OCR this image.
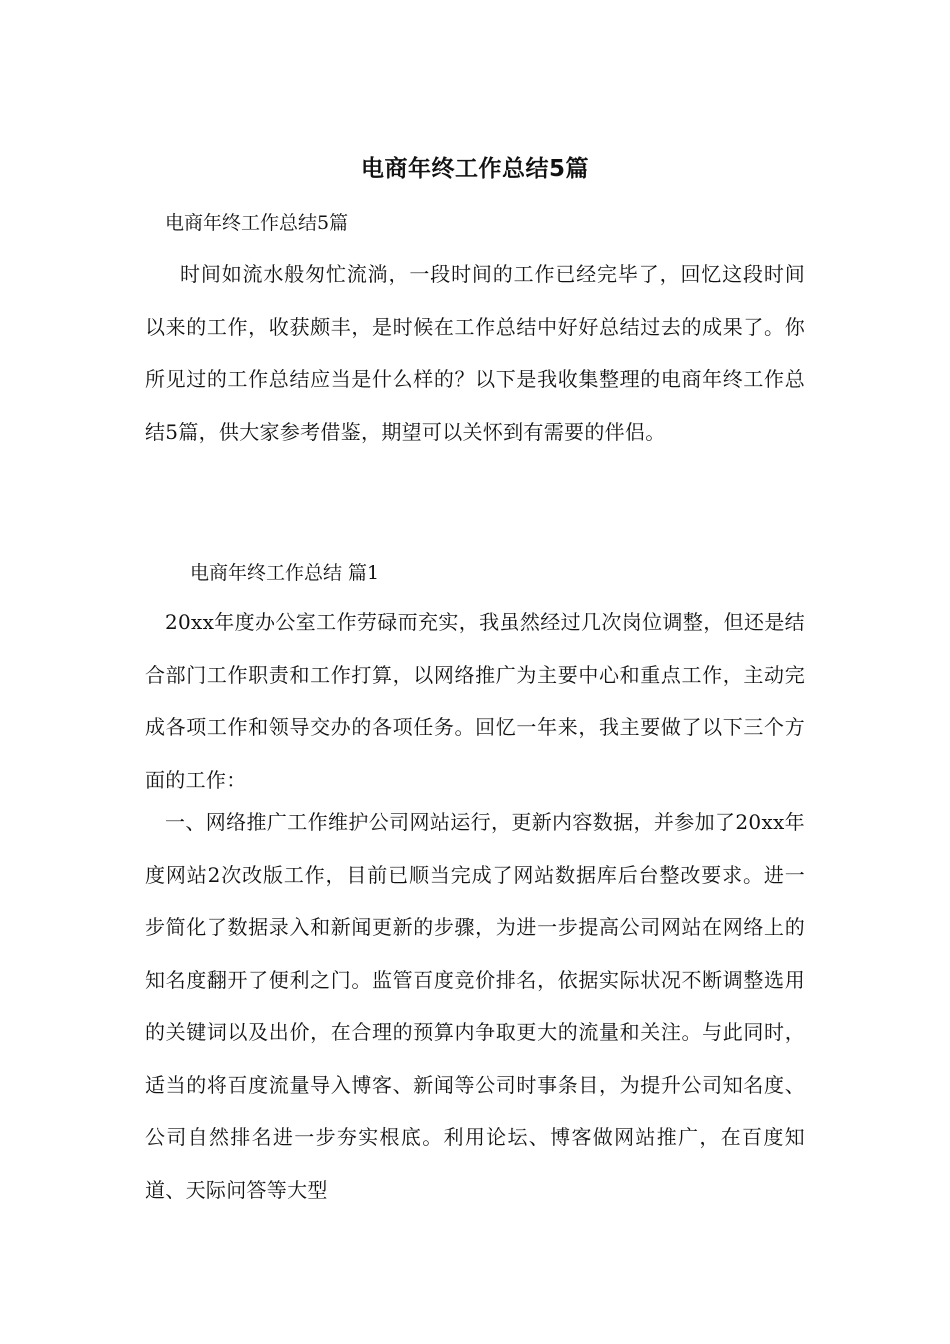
电商年终工作总结5篇
电商年终工作总结5篇
时间如流水般匆忙流淌，一段时间的工作已经完毕了，回忆这段时间以来的工作，收获颇丰，是时候在工作总结中好好总结过去的成果了。你所见过的工作总结应当是什么样的？以下是我收集整理的电商年终工作总结5篇，供大家参考借鉴，期望可以关怀到有需要的伴侣。
电商年终工作总结 篇1
20xx年度办公室工作劳碌而充实，我虽然经过几次岗位调整，但还是结合部门工作职责和工作打算，以网络推广为主要中心和重点工作，主动完成各项工作和领导交办的各项任务。回忆一年来，我主要做了以下三个方面的工作：
一、网络推广工作维护公司网站运行，更新内容数据，并参加了20xx年度网站2次改版工作，目前已顺当完成了网站数据库后台整改要求。进一步简化了数据录入和新闻更新的步骤，为进一步提高公司网站在网络上的知名度翻开了便利之门。监管百度竞价排名，依据实际状况不断调整选用的关键词以及出价，在合理的预算内争取更大的流量和关注。与此同时，适当的将百度流量导入博客、新闻等公司时事条目，为提升公司知名度、公司自然排名进一步夯实根底。利用论坛、博客做网站推广，在百度知道、天际问答等大型
